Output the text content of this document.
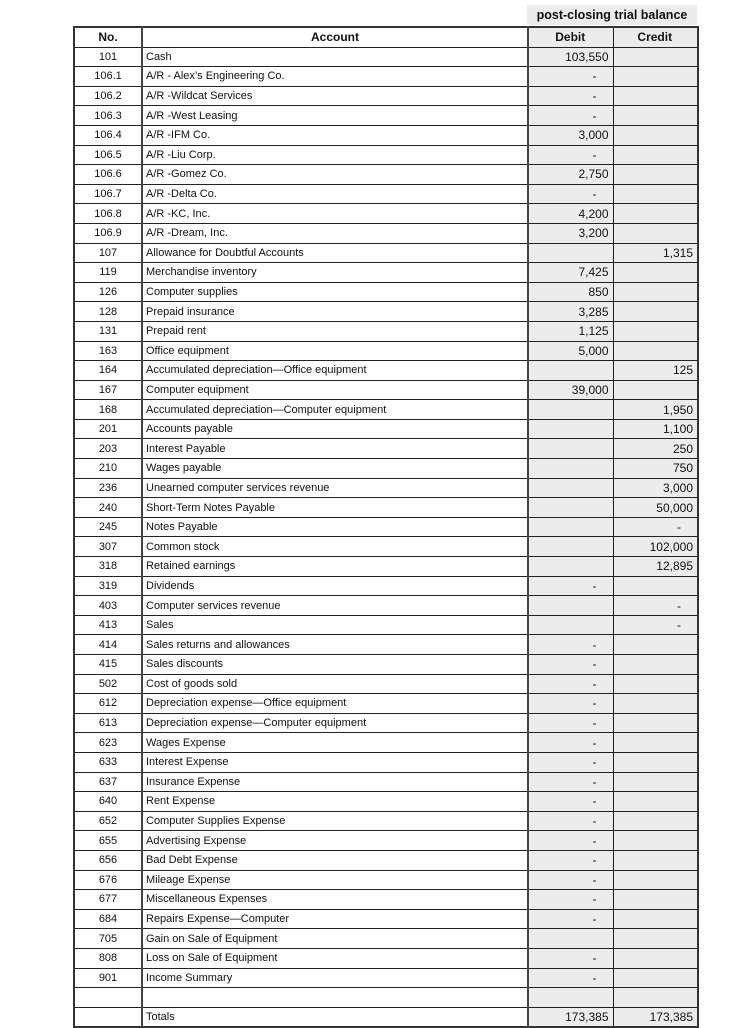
post-closing trial balance
No.	Account	Debit	Credit
101	Cash	103,550	
106.1	A/R - Alex’s Engineering Co.	-	
106.2	A/R -Wildcat Services	-	
106.3	A/R -West Leasing	-	
106.4	A/R -IFM Co.	3,000	
106.5	A/R -Liu Corp.	-	
106.6	A/R -Gomez Co.	2,750	
106.7	A/R -Delta Co.	-	
106.8	A/R -KC, Inc.	4,200	
106.9	A/R -Dream, Inc.	3,200	
107	Allowance for Doubtful Accounts		1,315
119	Merchandise inventory	7,425	
126	Computer supplies	850	
128	Prepaid insurance	3,285	
131	Prepaid rent	1,125	
163	Office equipment	5,000	
164	Accumulated depreciation—Office equipment		125
167	Computer equipment	39,000	
168	Accumulated depreciation—Computer equipment		1,950
201	Accounts payable		1,100
203	Interest Payable		250
210	Wages payable		750
236	Unearned computer services revenue		3,000
240	Short-Term Notes Payable		50,000
245	Notes Payable		-
307	Common stock		102,000
318	Retained earnings		12,895
319	Dividends	-	
403	Computer services revenue		-
413	Sales		-
414	Sales returns and allowances	-	
415	Sales discounts	-	
502	Cost of goods sold	-	
612	Depreciation expense—Office equipment	-	
613	Depreciation expense—Computer equipment	-	
623	Wages Expense	-	
633	Interest Expense	-	
637	Insurance Expense	-	
640	Rent Expense	-	
652	Computer Supplies Expense	-	
655	Advertising Expense	-	
656	Bad Debt Expense	-	
676	Mileage Expense	-	
677	Miscellaneous Expenses	-	
684	Repairs Expense—Computer	-	
705	Gain on Sale of Equipment		
808	Loss on Sale of Equipment	-	
901	Income Summary	-	

	Totals	173,385	173,385
